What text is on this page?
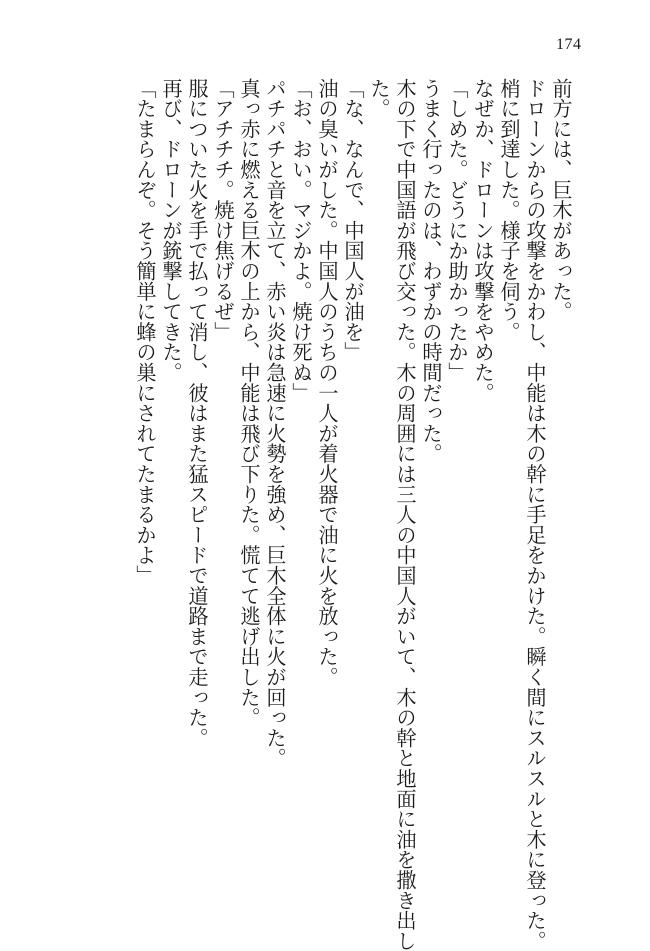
174
前方には、巨木があった。
ドローンからの攻撃をかわし、中能は木の幹に手足をかけた。瞬く間にスルスルと木に登った。
梢に到達した。様子を伺う。
なぜか、ドローンは攻撃をやめた。
「しめた。どうにか助かったか」
うまく行ったのは、わずかの時間だった。
木の下で中国語が飛び交った。木の周囲には三人の中国人がいて、木の幹と地面に油を撒き出し
た。
「な、なんで、中国人が油を」
油の臭いがした。中国人のうちの一人が着火器で油に火を放った。
「お、おい。マジかよ。焼け死ぬ」
パチパチと音を立て、赤い炎は急速に火勢を強め、巨木全体に火が回った。
真っ赤に燃える巨木の上から、中能は飛び下りた。慌てて逃げ出した。
「アチチチ。焼け焦げるぜ」
服についた火を手で払って消し、彼はまた猛スピードで道路まで走った。
再び、ドローンが銃撃してきた。
「たまらんぞ。そう簡単に蜂の巣にされてたまるかよ」
